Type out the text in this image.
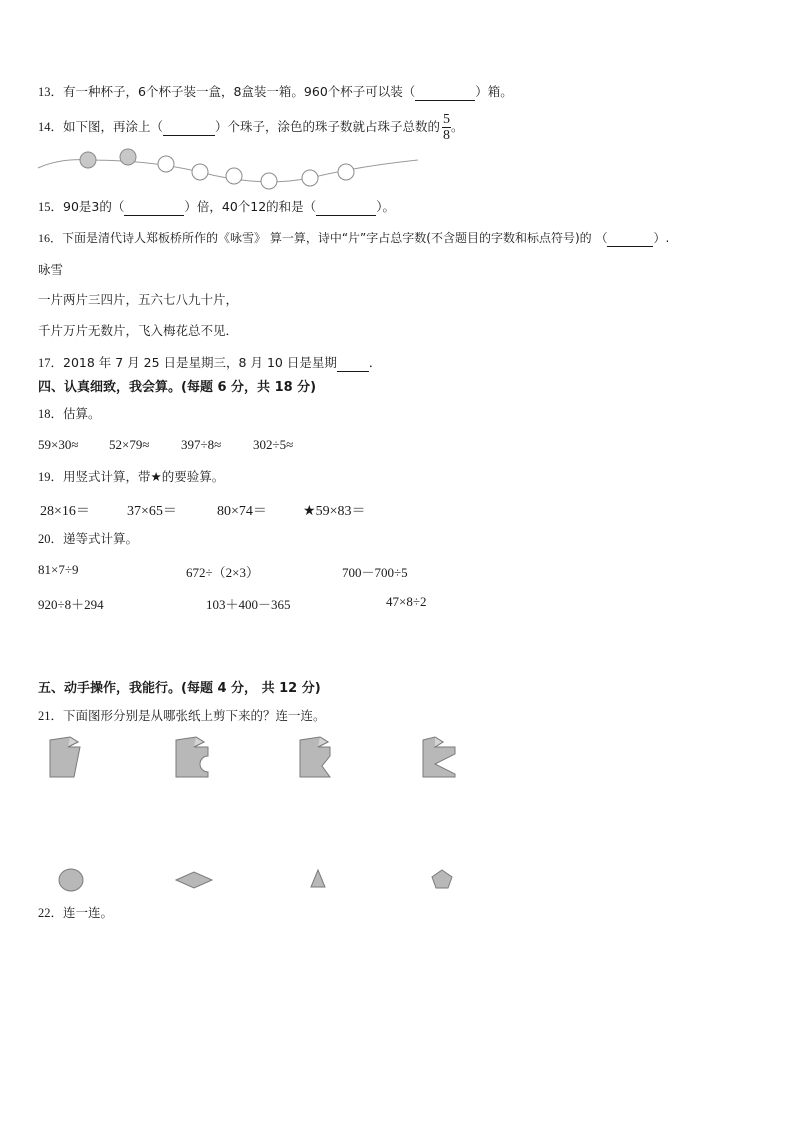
13．有一种杯子，6个杯子装一盒，8盒装一箱。960个杯子可以装（	）箱。
14．如下图，再涂上（	）个珠子，涂色的珠子数就占珠子总数的 $\frac{5}{8}$ 。
15．90是3的（	）倍，40个12的和是（	）。
16．下面是清代诗人郑板桥所作的《咏雪》 算一算，诗中“片”字占总字数(不含题目的字数和标点符号)的 （	）.
咏雪
一片两片三四片，五六七八九十片，
千片万片无数片，飞入梅花总不见．
17．2018 年 7 月 25 日是星期三，8 月 10 日是星期	．
四、认真细致，我会算。(每题 6 分，共 18 分)
18．估算。
59×30≈ 52×79≈ 397÷8≈ 302÷5≈
19．用竖式计算，带★的要验算。
28×16＝	37×65＝	80×74＝	★59×83＝
20．递等式计算。
81×7÷9	672÷（2×3）	700－700÷5
920÷8＋294	103＋400－365	47×8÷2
五、动手操作，我能行。(每题 4 分， 共 12 分)
21．下面图形分别是从哪张纸上剪下来的？连一连。
22．连一连。
